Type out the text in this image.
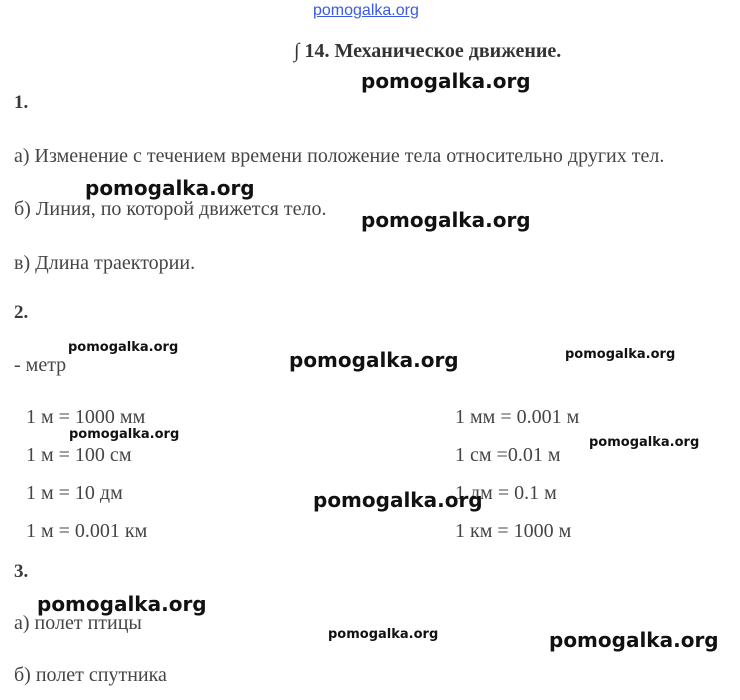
pomogalka.org
∫ 14. Механическое движение.
1.
а) Изменение с течением времени положение тела относительно других тел.
б) Линия, по которой движется тело.
в) Длина траектории.
2.
- метр
1 м = 1000 мм
1 м = 100 см
1 м = 10 дм
1 м = 0.001 км
1 мм = 0.001 м
1 см =0.01 м
1 дм = 0.1 м
1 км = 1000 м
3.
а) полет птицы
б) полет спутника
pomogalka.org
pomogalka.org
pomogalka.org
pomogalka.org
pomogalka.org
pomogalka.org
pomogalka.org
pomogalka.org	pomogalka.org
pomogalka.org
pomogalka.org
pomogalka.org
